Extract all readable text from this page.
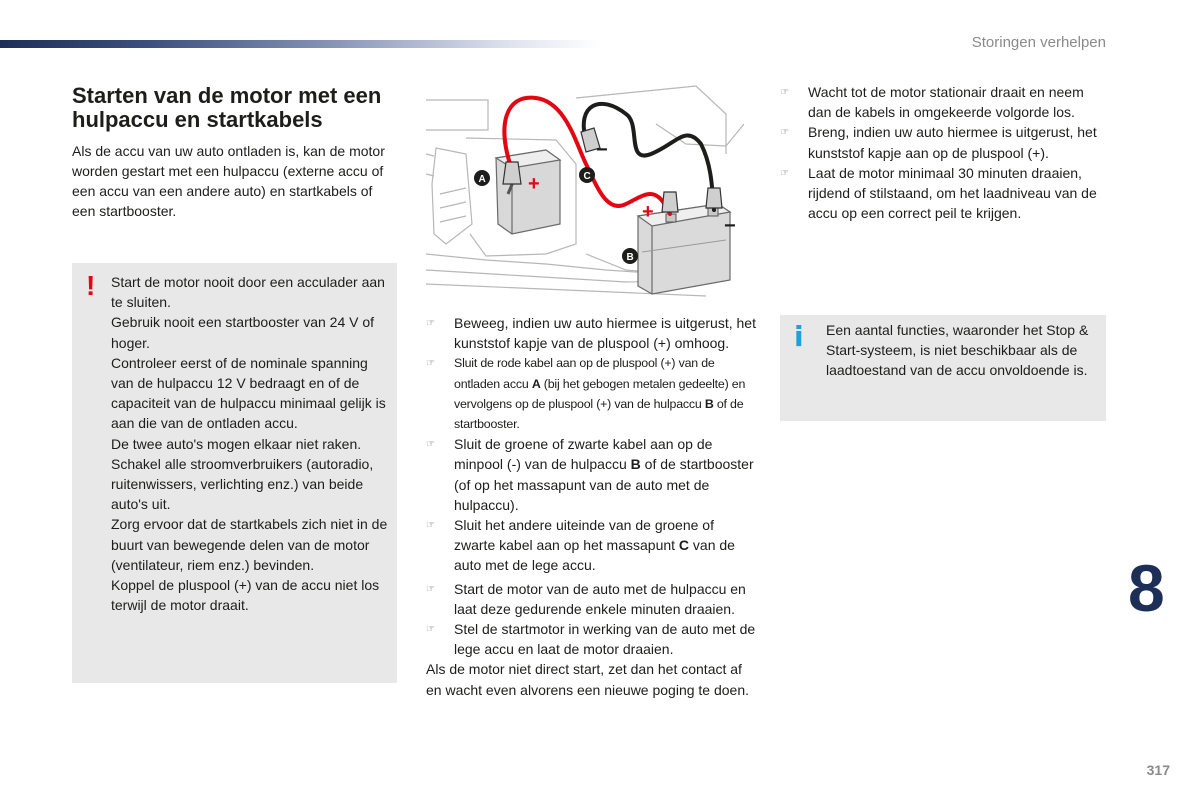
Storingen verhelpen
Starten van de motor met een hulpaccu en startkabels

Als de accu van uw auto ontladen is, kan de motor worden gestart met een hulpaccu (externe accu of een accu van een andere auto) en startkabels of een startbooster.

! Start de motor nooit door een acculader aan te sluiten.
Gebruik nooit een startbooster van 24 V of hoger.
Controleer eerst of de nominale spanning van de hulpaccu 12 V bedraagt en of de capaciteit van de hulpaccu minimaal gelijk is aan die van de ontladen accu.
De twee auto's mogen elkaar niet raken.
Schakel alle stroomverbruikers (autoradio, ruitenwissers, verlichting enz.) van beide auto's uit.
Zorg ervoor dat de startkabels zich niet in de buurt van bewegende delen van de motor (ventilateur, riem enz.) bevinden.
Koppel de pluspool (+) van de accu niet los terwijl de motor draait.
+
−
+
−
A	C
B
☞	Beweeg, indien uw auto hiermee is uitgerust, het kunststof kapje van de pluspool (+) omhoog.
☞	Sluit de rode kabel aan op de pluspool (+) van de ontladen accu A (bij het gebogen metalen gedeelte) en vervolgens op de pluspool (+) van de hulpaccu B of de startbooster.
☞	Sluit de groene of zwarte kabel aan op de minpool (-) van de hulpaccu B of de startbooster (of op het massapunt van de auto met de hulpaccu).
☞	Sluit het andere uiteinde van de groene of zwarte kabel aan op het massapunt C van de auto met de lege accu.
☞	Start de motor van de auto met de hulpaccu en laat deze gedurende enkele minuten draaien.
☞	Stel de startmotor in werking van de auto met de lege accu en laat de motor draaien.

Als de motor niet direct start, zet dan het contact af en wacht even alvorens een nieuwe poging te doen.

☞	Wacht tot de motor stationair draait en neem dan de kabels in omgekeerde volgorde los.
☞	Breng, indien uw auto hiermee is uitgerust, het kunststof kapje aan op de pluspool (+).
☞	Laat de motor minimaal 30 minuten draaien, rijdend of stilstaand, om het laadniveau van de accu op een correct peil te krijgen.
i Een aantal functies, waaronder het Stop & Start-systeem, is niet beschikbaar als de laadtoestand van de accu onvoldoende is.

8
317
